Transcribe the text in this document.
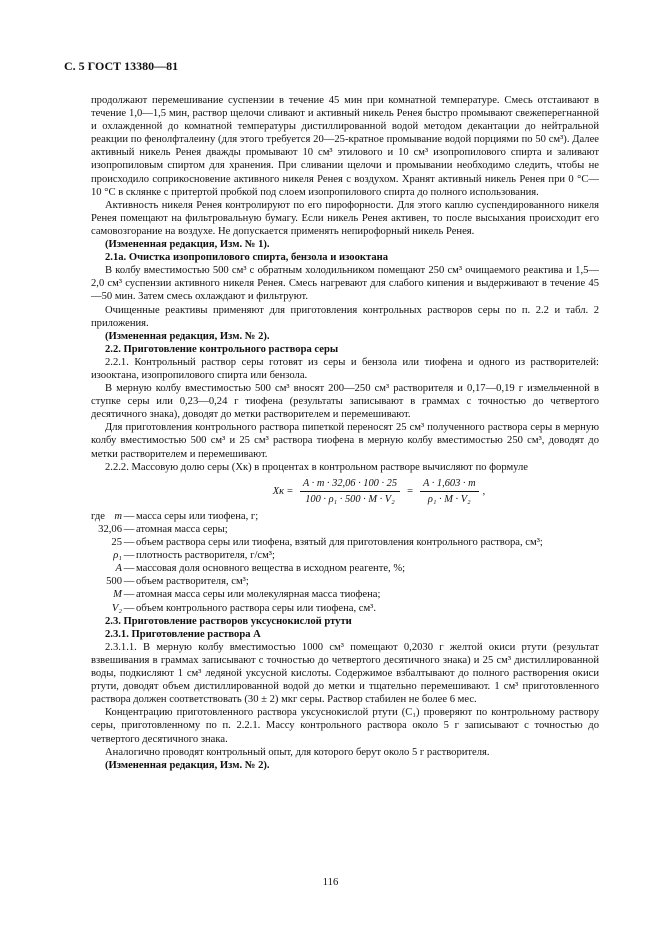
С. 5 ГОСТ 13380—81

продолжают перемешивание суспензии в течение 45 мин при комнатной температуре. Смесь отстаивают в течение 1,0—1,5 мин, раствор щелочи сливают и активный никель Ренея быстро промывают свежеперегнанной и охлажденной до комнатной температуры дистиллированной водой методом декантации до нейтральной реакции по фенолфталеину (для этого требуется 20—25-кратное промывание водой порциями по 50 см³). Далее активный никель Ренея дважды промывают 10 см³ этилового и 10 см³ изопропилового спирта и заливают изопропиловым спиртом для хранения. При сливании щелочи и промывании необходимо следить, чтобы не происходило соприкосновение активного никеля Ренея с воздухом. Хранят активный никель Ренея при 0 °С—10 °С в склянке с притертой пробкой под слоем изопропилового спирта до полного использования.

Активность никеля Ренея контролируют по его пирофорности. Для этого каплю суспендированного никеля Ренея помещают на фильтровальную бумагу. Если никель Ренея активен, то после высыхания происходит его самовозгорание на воздухе. Не допускается применять непирофорный никель Ренея.

(Измененная редакция, Изм. № 1).

2.1а. Очистка изопропилового спирта, бензола и изооктана

В колбу вместимостью 500 см³ с обратным холодильником помещают 250 см³ очищаемого реактива и 1,5—2,0 см³ суспензии активного никеля Ренея. Смесь нагревают для слабого кипения и выдерживают в течение 45—50 мин. Затем смесь охлаждают и фильтруют.

Очищенные реактивы применяют для приготовления контрольных растворов серы по п. 2.2 и табл. 2 приложения.

(Измененная редакция, Изм. № 2).

2.2. Приготовление контрольного раствора серы

2.2.1. Контрольный раствор серы готовят из серы и бензола или тиофена и одного из растворителей: изооктана, изопропилового спирта или бензола.

В мерную колбу вместимостью 500 см³ вносят 200—250 см³ растворителя и 0,17—0,19 г измельченной в ступке серы или 0,23—0,24 г тиофена (результаты записывают в граммах с точностью до четвертого десятичного знака), доводят до метки растворителем и перемешивают.

Для приготовления контрольного раствора пипеткой переносят 25 см³ полученного раствора серы в мерную колбу вместимостью 500 см³ и 25 см³ раствора тиофена в мерную колбу вместимостью 250 см³, доводят до метки растворителем и перемешивают.

2.2.2. Массовую долю серы (Xк) в процентах в контрольном растворе вычисляют по формуле

Xк = $\frac{A \cdot m \cdot 32,06 \cdot 100 \cdot 25}{\text{100 · ρ₁ · 500 · M · V₂}} = \frac{A \cdot 1,603 \cdot m}{\text{ρ₁ · M · V₂}}$ ,
где m — масса серы или тиофена, г;
32,06 — атомная масса серы;
25 — объем раствора серы или тиофена, взятый для приготовления контрольного раствора, см³;
ρ₁ — плотность растворителя, г/см³;
A — массовая доля основного вещества в исходном реагенте, %;
500 — объем растворителя, см³;
M — атомная масса серы или молекулярная масса тиофена;
V₂ — объем контрольного раствора серы или тиофена, см³.

2.3. Приготовление растворов уксуснокислой ртути

2.3.1. Приготовление раствора А

2.3.1.1. В мерную колбу вместимостью 1000 см³ помещают 0,2030 г желтой окиси ртути (результат взвешивания в граммах записывают с точностью до четвертого десятичного знака) и 25 см³ дистиллированной воды, подкисляют 1 см³ ледяной уксусной кислоты. Содержимое взбалтывают до полного растворения окиси ртути, доводят объем дистиллированной водой до метки и тщательно перемешивают. 1 см³ приготовленного раствора должен соответствовать (30 ± 2) мкг серы. Раствор стабилен не более 6 мес.

Концентрацию приготовленного раствора уксуснокислой ртути (C₁) проверяют по контрольному раствору серы, приготовленному по п. 2.2.1. Массу контрольного раствора около 5 г записывают с точностью до четвертого десятичного знака.

Аналогично проводят контрольный опыт, для которого берут около 5 г растворителя.

(Измененная редакция, Изм. № 2).

116
